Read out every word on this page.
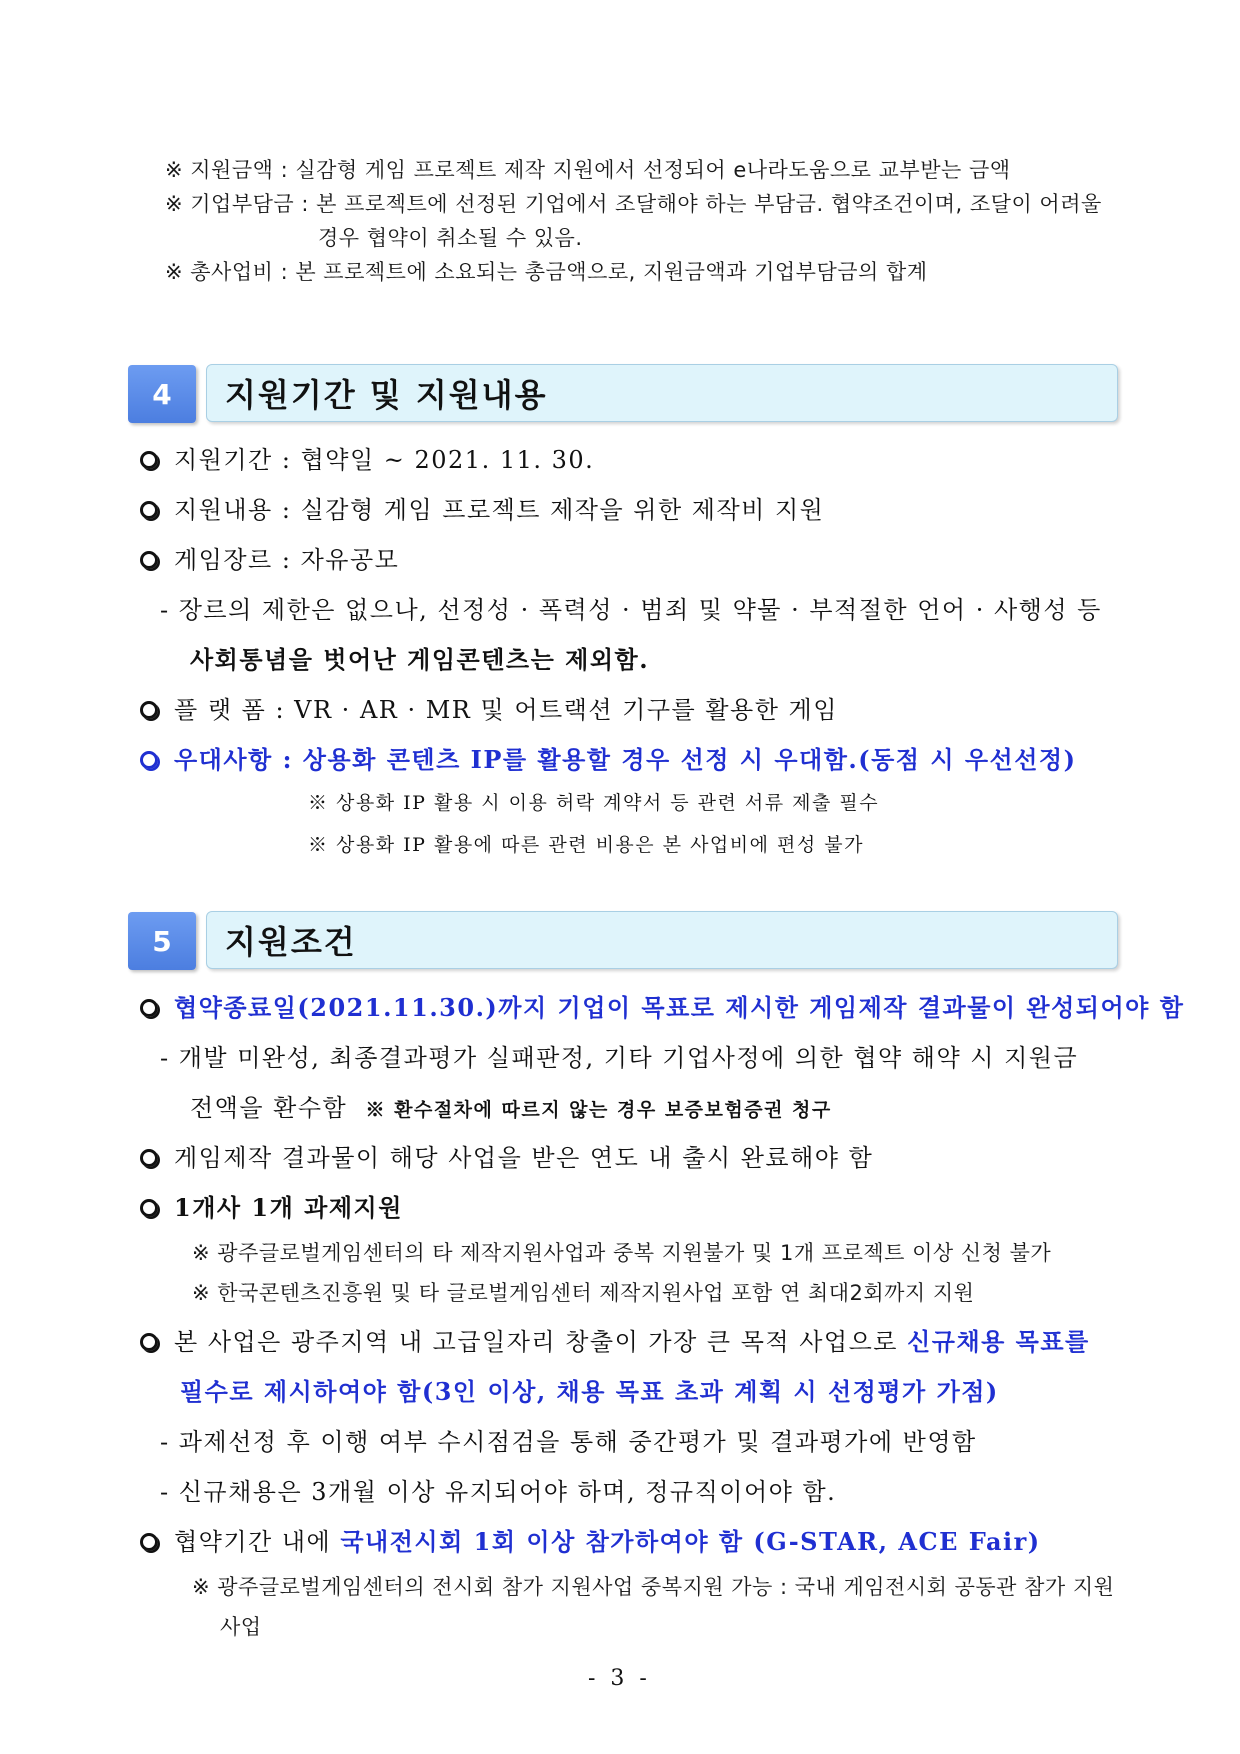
※ 지원금액 : 실감형 게임 프로젝트 제작 지원에서 선정되어 e나라도움으로 교부받는 금액
※ 기업부담금 : 본 프로젝트에 선정된 기업에서 조달해야 하는 부담금. 협약조건이며, 조달이 어려울
경우 협약이 취소될 수 있음.
※ 총사업비 : 본 프로젝트에 소요되는 총금액으로, 지원금액과 기업부담금의 합계
4	지원기간 및 지원내용
지원기간 : 협약일 ~ 2021. 11. 30.
지원내용 : 실감형 게임 프로젝트 제작을 위한 제작비 지원
게임장르 : 자유공모
- 장르의 제한은 없으나, 선정성 · 폭력성 · 범죄 및 약물 · 부적절한 언어 · 사행성 등
사회통념을 벗어난 게임콘텐츠는 제외함.
플 랫 폼 : VR · AR · MR 및 어트랙션 기구를 활용한 게임
우대사항 : 상용화 콘텐츠 IP를 활용할 경우 선정 시 우대함.(동점 시 우선선정)
※ 상용화 IP 활용 시 이용 허락 계약서 등 관련 서류 제출 필수
※ 상용화 IP 활용에 따른 관련 비용은 본 사업비에 편성 불가
5	지원조건
협약종료일(2021.11.30.)까지 기업이 목표로 제시한 게임제작 결과물이 완성되어야 함
- 개발 미완성, 최종결과평가 실패판정, 기타 기업사정에 의한 협약 해약 시 지원금
전액을 환수함 ※ 환수절차에 따르지 않는 경우 보증보험증권 청구
게임제작 결과물이 해당 사업을 받은 연도 내 출시 완료해야 함
1개사 1개 과제지원
※ 광주글로벌게임센터의 타 제작지원사업과 중복 지원불가 및 1개 프로젝트 이상 신청 불가
※ 한국콘텐츠진흥원 및 타 글로벌게임센터 제작지원사업 포함 연 최대2회까지 지원
본 사업은 광주지역 내 고급일자리 창출이 가장 큰 목적 사업으로 신규채용 목표를
필수로 제시하여야 함(3인 이상, 채용 목표 초과 계획 시 선정평가 가점)
- 과제선정 후 이행 여부 수시점검을 통해 중간평가 및 결과평가에 반영함
- 신규채용은 3개월 이상 유지되어야 하며, 정규직이어야 함.
협약기간 내에 국내전시회 1회 이상 참가하여야 함 (G-STAR, ACE Fair)
※ 광주글로벌게임센터의 전시회 참가 지원사업 중복지원 가능 : 국내 게임전시회 공동관 참가 지원
사업
- 3 -
